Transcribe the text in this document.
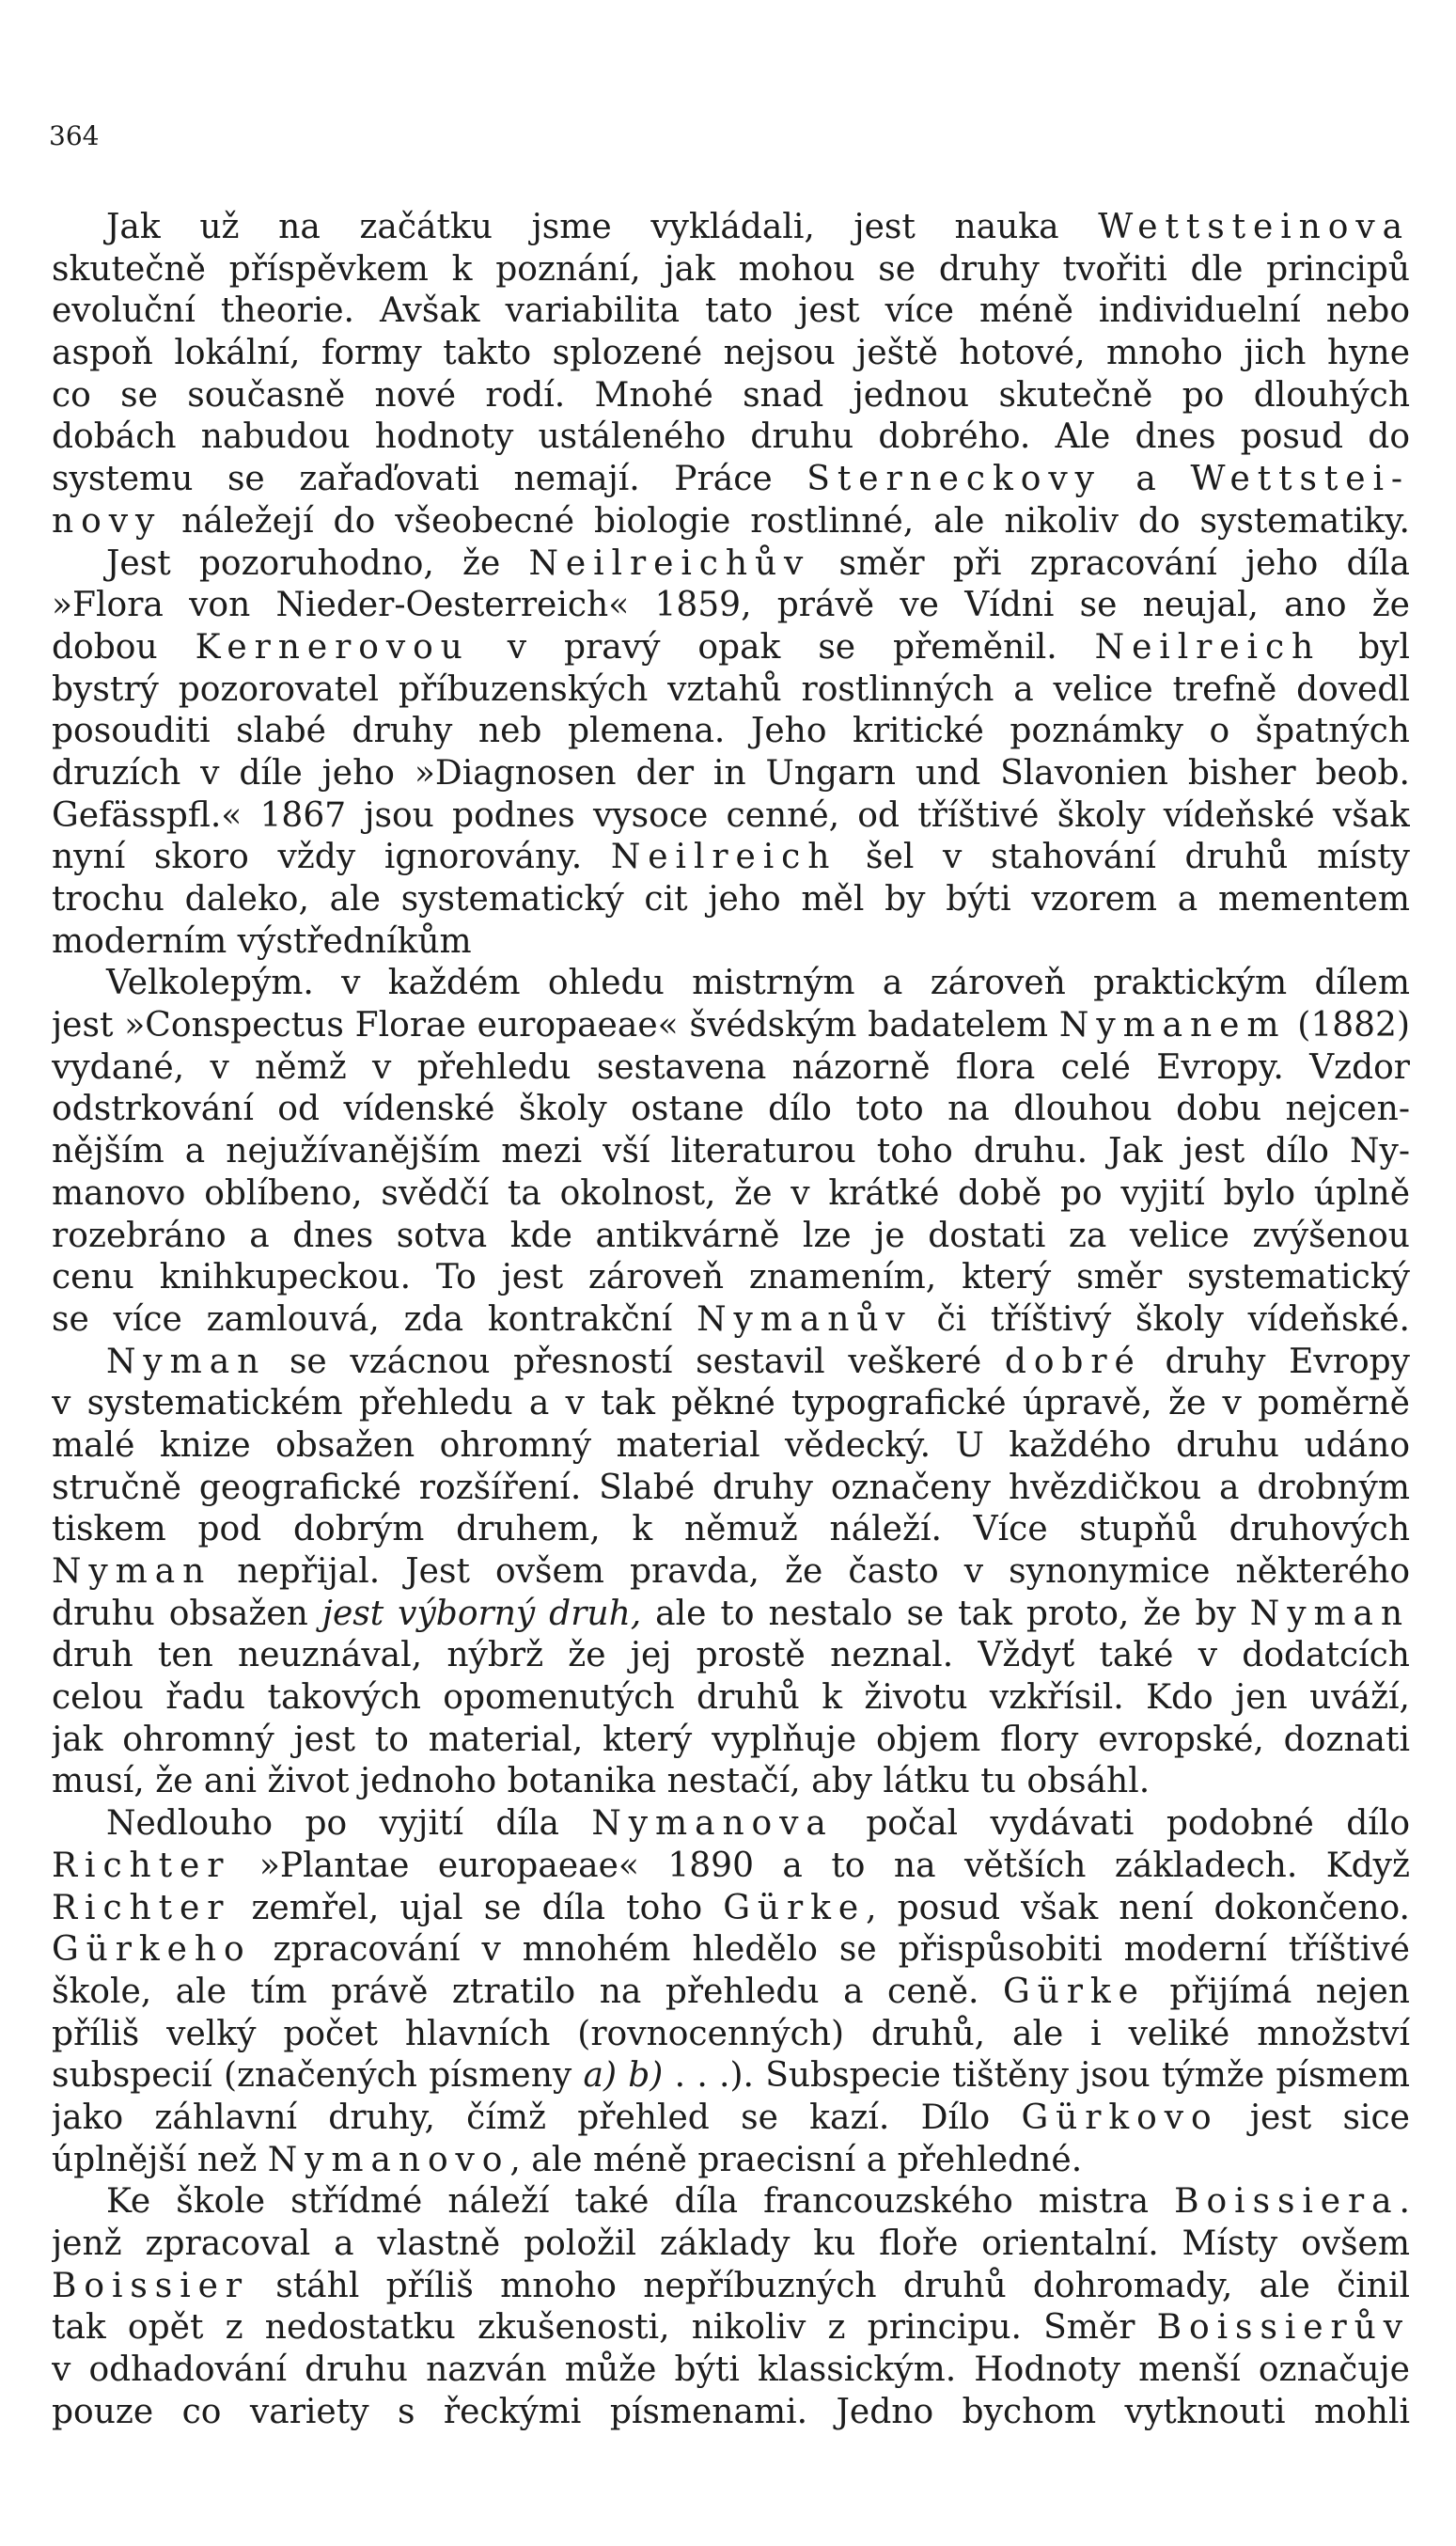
364
Jak už na začátku jsme vykládali, jest nauka Wettsteinova
skutečně příspěvkem k poznání, jak mohou se druhy tvořiti dle principů
evoluční theorie. Avšak variabilita tato jest více méně individuelní nebo
aspoň lokální, formy takto splozené nejsou ještě hotové, mnoho jich hyne
co se současně nové rodí. Mnohé snad jednou skutečně po dlouhých
dobách nabudou hodnoty ustáleného druhu dobrého. Ale dnes posud do
systemu se zařaďovati nemají. Práce Sterneckovy a Wettstei-
novy náležejí do všeobecné biologie rostlinné, ale nikoliv do systematiky.
Jest pozoruhodno, že Neilreichův směr při zpracování jeho díla
»Flora von Nieder-Oesterreich« 1859, právě ve Vídni se neujal, ano že
dobou Kernerovou v pravý opak se přeměnil. Neilreich byl
bystrý pozorovatel příbuzenských vztahů rostlinných a velice trefně dovedl
posouditi slabé druhy neb plemena. Jeho kritické poznámky o špatných
druzích v díle jeho »Diagnosen der in Ungarn und Slavonien bisher beob.
Gefässpfl.« 1867 jsou podnes vysoce cenné, od tříštivé školy vídeňské však
nyní skoro vždy ignorovány. Neilreich šel v stahování druhů místy
trochu daleko, ale systematický cit jeho měl by býti vzorem a mementem
moderním výstředníkům
Velkolepým. v každém ohledu mistrným a zároveň praktickým dílem
jest »Conspectus Florae europaeae« švédským badatelem Nymanem (1882)
vydané, v němž v přehledu sestavena názorně flora celé Evropy. Vzdor
odstrkování od vídenské školy ostane dílo toto na dlouhou dobu nejcen-
nějším a nejužívanějším mezi vší literaturou toho druhu. Jak jest dílo Ny-
manovo oblíbeno, svědčí ta okolnost, že v krátké době po vyjití bylo úplně
rozebráno a dnes sotva kde antikvárně lze je dostati za velice zvýšenou
cenu knihkupeckou. To jest zároveň znamením, který směr systematický
se více zamlouvá, zda kontrakční Nymanův či tříštivý školy vídeňské.
Nyman se vzácnou přesností sestavil veškeré dobré druhy Evropy
v systematickém přehledu a v tak pěkné typografické úpravě, že v poměrně
malé knize obsažen ohromný material vědecký. U každého druhu udáno
stručně geografické rozšíření. Slabé druhy označeny hvězdičkou a drobným
tiskem pod dobrým druhem, k němuž náleží. Více stupňů druhových
Nyman nepřijal. Jest ovšem pravda, že často v synonymice některého
druhu obsažen jest výborný druh, ale to nestalo se tak proto, že by Nyman
druh ten neuznával, nýbrž že jej prostě neznal. Vždyť také v dodatcích
celou řadu takových opomenutých druhů k životu vzkřísil. Kdo jen uváží,
jak ohromný jest to material, který vyplňuje objem flory evropské, doznati
musí, že ani život jednoho botanika nestačí, aby látku tu obsáhl.
Nedlouho po vyjití díla Nymanova počal vydávati podobné dílo
Richter »Plantae europaeae« 1890 a to na větších základech. Když
Richter zemřel, ujal se díla toho Gürke, posud však není dokončeno.
Gürkeho zpracování v mnohém hledělo se přispůsobiti moderní tříštivé
škole, ale tím právě ztratilo na přehledu a ceně. Gürke přijímá nejen
příliš velký počet hlavních (rovnocenných) druhů, ale i veliké množství
subspecií (značených písmeny a) b) . . .). Subspecie tištěny jsou týmže písmem
jako záhlavní druhy, čímž přehled se kazí. Dílo Gürkovo jest sice
úplnější než Nymanovo, ale méně praecisní a přehledné.
Ke škole střídmé náleží také díla francouzského mistra Boissiera.
jenž zpracoval a vlastně položil základy ku floře orientalní. Místy ovšem
Boissier stáhl příliš mnoho nepříbuzných druhů dohromady, ale činil
tak opět z nedostatku zkušenosti, nikoliv z principu. Směr Boissierův
v odhadování druhu nazván může býti klassickým. Hodnoty menší označuje
pouze co variety s řeckými písmenami. Jedno bychom vytknouti mohli
